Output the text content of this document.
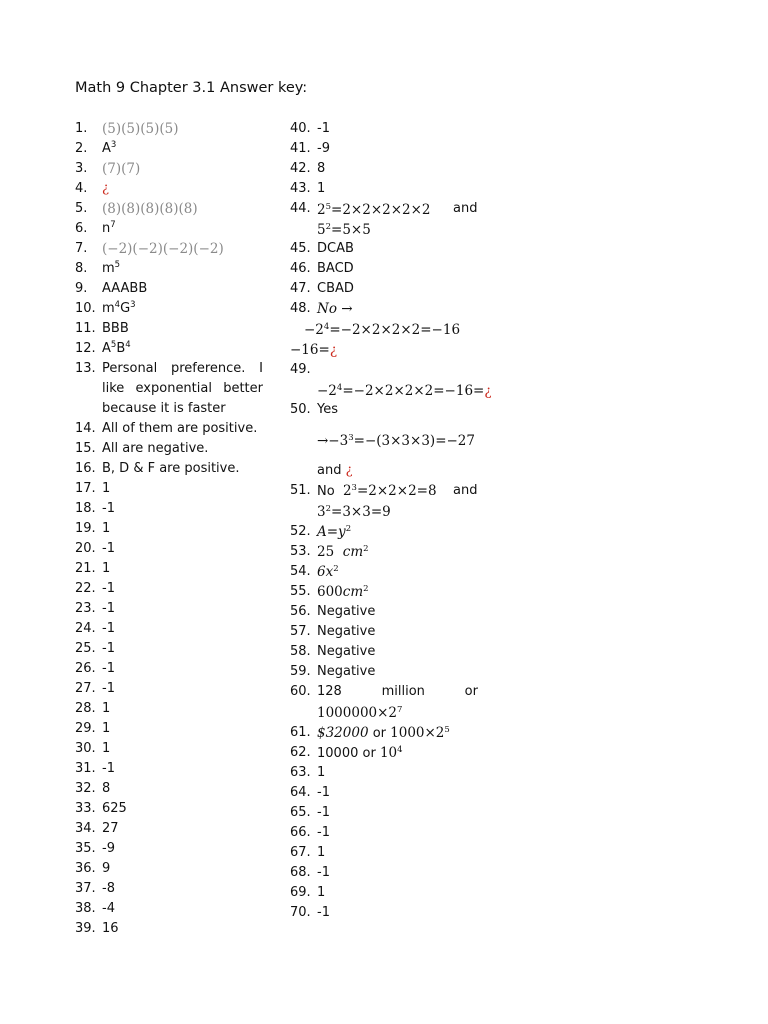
Math 9 Chapter 3.1 Answer key:
1.	(5)(5)(5)(5)
2.	$A^3$
3.	(7)(7)
4.	¿
5.	(8)(8)(8)(8)(8)
6.	$n^7$
7.	(−2)(−2)(−2)(−2)
8.	$m^5$
9.	AAABB
10. $m^4G^3$
11. BBB
12. $A^5B^4$
13. Personal preference. I
like exponential better
because it is faster
14. All of them are positive.
15. All are negative.
16. B, D & F are positive.
17. 1
18. -1
19. 1
20. -1
21. 1
22. -1
23. -1
24. -1
25. -1
26. -1
27. -1
28. 1
29. 1
30. 1
31. -1
32. 8
33. 625
34. 27
35. -9
36. 9
37. -8
38. -4
39. 16
40. -1
41. -9
42. 8
43. 1
44. $2^5=2\times 2\times 2\times 2\times 2$ and
$5^2=5\times 5$
45. DCAB
46. BACD
47. CBAD
48. No →
$-2^4=-2\times 2\times 2\times 2=-16$
−16=¿
49.
$-2^4=-2\times 2\times 2\times 2=-16=¿$
50. Yes
$\to-3^3=-(3\times 3\times 3)=-27$
and ¿
51. No $2^3=2\times 2\times 2=8$ and
$3^2=3\times 3=9$
52. $A=y^2$
53. 25 $cm^2$
54. $6x^2$
55. $600cm^2$
56. Negative
57. Negative
58. Negative
59. Negative
60. 128	million	or
$1000000\times 2^7$
61. $32000 or $1000\times 2^5$
62. 10000 or $10^4$
63. 1
64. -1
65. -1
66. -1
67. 1
68. -1
69. 1
70. -1
